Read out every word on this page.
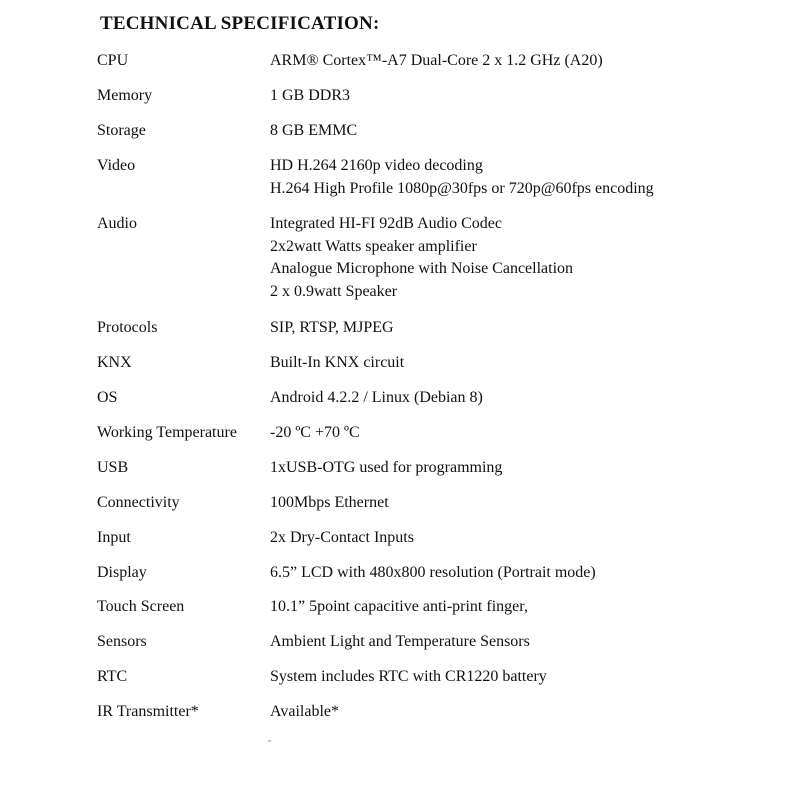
TECHNICAL SPECIFICATION:
CPU	ARM® Cortex™-A7 Dual-Core 2 x 1.2 GHz (A20)
Memory	1 GB DDR3
Storage	8 GB EMMC
Video	HD H.264 2160p video decoding
H.264 High Profile 1080p@30fps or 720p@60fps encoding
Audio	Integrated HI-FI 92dB Audio Codec
2x2watt Watts speaker amplifier
Analogue Microphone with Noise Cancellation
2 x 0.9watt Speaker
Protocols	SIP, RTSP, MJPEG
KNX	Built-In KNX circuit
OS	Android 4.2.2 / Linux (Debian 8)
Working Temperature	-20 ºC +70 ºC
USB	1xUSB-OTG used for programming
Connectivity	100Mbps Ethernet
Input	2x Dry-Contact Inputs
Display	6.5” LCD with 480x800 resolution (Portrait mode)
Touch Screen	10.1” 5point capacitive anti-print finger,
Sensors	Ambient Light and Temperature Sensors
RTC	System includes RTC with CR1220 battery
IR Transmitter*	Available*
